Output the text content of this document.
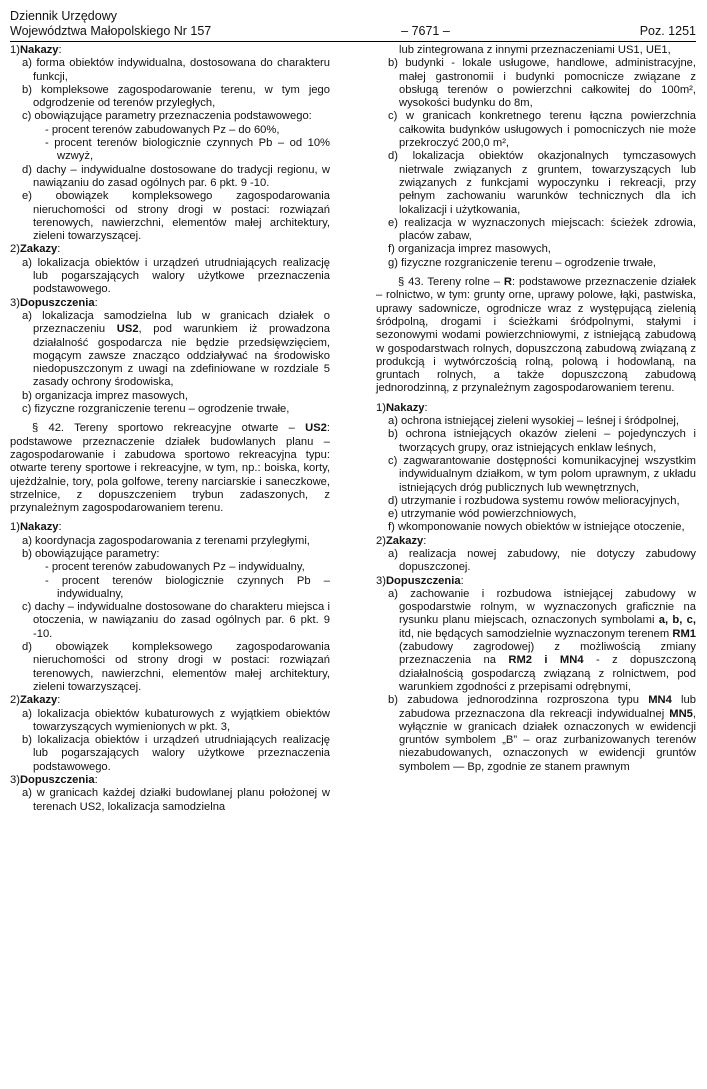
Dziennik Urzędowy
Województwa Małopolskiego Nr 157	– 7671 –	Poz. 1251

1)Nakazy:

a) forma obiektów indywidualna, dostosowana do charakteru funkcji,

b) kompleksowe zagospodarowanie terenu, w tym jego odgrodzenie od terenów przyległych,

c) obowiązujące parametry przeznaczenia podstawowego:

- procent terenów zabudowanych Pz – do 60%,

- procent terenów biologicznie czynnych Pb – od 10% wzwyż,

d) dachy – indywidualne dostosowane do tradycji regionu, w nawiązaniu do zasad ogólnych par. 6 pkt. 9 -10.

e) obowiązek kompleksowego zagospodarowania nieruchomości od strony drogi w postaci: rozwiązań terenowych, nawierzchni, elementów małej architektury, zieleni towarzyszącej.

2)Zakazy:

a) lokalizacja obiektów i urządzeń utrudniających realizację lub pogarszających walory użytkowe przeznaczenia podstawowego.

3)Dopuszczenia:

a) lokalizacja samodzielna lub w granicach działek o przeznaczeniu US2, pod warunkiem iż prowadzona działalność gospodarcza nie będzie przedsięwzięciem, mogącym zawsze znacząco oddziaływać na środowisko niedopuszczonym z uwagi na zdefiniowane w rozdziale 5 zasady ochrony środowiska,

b) organizacja imprez masowych,

c) fizyczne rozgraniczenie terenu – ogrodzenie trwałe,

§ 42. Tereny sportowo rekreacyjne otwarte – US2: podstawowe przeznaczenie działek budowlanych planu – zagospodarowanie i zabudowa sportowo rekreacyjna typu: otwarte tereny sportowe i rekreacyjne, w tym, np.: boiska, korty, ujeżdżalnie, tory, pola golfowe, tereny narciarskie i saneczkowe, strzelnice, z dopuszczeniem trybun zadaszonych, z przynależnym zagospodarowaniem terenu.

1)Nakazy:

a) koordynacja zagospodarowania z terenami przyległymi,

b) obowiązujące parametry:

- procent terenów zabudowanych Pz – indywidualny,

- procent terenów biologicznie czynnych Pb – indywidualny,

c) dachy – indywidualne dostosowane do charakteru miejsca i otoczenia, w nawiązaniu do zasad ogólnych par. 6 pkt. 9 -10.

d) obowiązek kompleksowego zagospodarowania nieruchomości od strony drogi w postaci: rozwiązań terenowych, nawierzchni, elementów małej architektury, zieleni towarzyszącej.

2)Zakazy:

a) lokalizacja obiektów kubaturowych z wyjątkiem obiektów towarzyszących wymienionych w pkt. 3,

b) lokalizacja obiektów i urządzeń utrudniających realizację lub pogarszających walory użytkowe przeznaczenia podstawowego.

3)Dopuszczenia:

a) w granicach każdej działki budowlanej planu położonej w terenach US2, lokalizacja samodzielna

lub zintegrowana z innymi przeznaczeniami US1, UE1,

b) budynki - lokale usługowe, handlowe, administracyjne, małej gastronomii i budynki pomocnicze związane z obsługą terenów o powierzchni całkowitej do 100m², wysokości budynku do 8m,

c) w granicach konkretnego terenu łączna powierzchnia całkowita budynków usługowych i pomocniczych nie może przekroczyć 200,0 m²,

d) lokalizacja obiektów okazjonalnych tymczasowych nietrwale związanych z gruntem, towarzyszących lub związanych z funkcjami wypoczynku i rekreacji, przy pełnym zachowaniu warunków technicznych dla ich lokalizacji i użytkowania,

e) realizacja w wyznaczonych miejscach: ścieżek zdrowia, placów zabaw,

f) organizacja imprez masowych,

g) fizyczne rozgraniczenie terenu – ogrodzenie trwałe,

§ 43. Tereny rolne – R: podstawowe przeznaczenie działek – rolnictwo, w tym: grunty orne, uprawy polowe, łąki, pastwiska, uprawy sadownicze, ogrodnicze wraz z występującą zielenią śródpolną, drogami i ścieżkami śródpolnymi, stałymi i sezonowymi wodami powierzchniowymi, z istniejącą zabudową w gospodarstwach rolnych, dopuszczoną zabudową związaną z produkcją i wytwórczością rolną, polową i hodowlaną, na gruntach rolnych, a także dopuszczoną zabudową jednorodzinną, z przynależnym zagospodarowaniem terenu.

1)Nakazy:

a) ochrona istniejącej zieleni wysokiej – leśnej i śródpolnej,

b) ochrona istniejących okazów zieleni – pojedynczych i tworzących grupy, oraz istniejących enklaw leśnych,

c) zagwarantowanie dostępności komunikacyjnej wszystkim indywidualnym działkom, w tym polom uprawnym, z układu istniejących dróg publicznych lub wewnętrznych,

d) utrzymanie i rozbudowa systemu rowów melioracyjnych,

e) utrzymanie wód powierzchniowych,

f) wkomponowanie nowych obiektów w istniejące otoczenie,

2)Zakazy:

a) realizacja nowej zabudowy, nie dotyczy zabudowy dopuszczonej.

3)Dopuszczenia:

a) zachowanie i rozbudowa istniejącej zabudowy w gospodarstwie rolnym, w wyznaczonych graficznie na rysunku planu miejscach, oznaczonych symbolami a, b, c, itd, nie będących samodzielnie wyznaczonym terenem RM1 (zabudowy zagrodowej) z możliwością zmiany przeznaczenia na RM2 i MN4 - z dopuszczoną działalnością gospodarczą związaną z rolnictwem, pod warunkiem zgodności z przepisami odrębnymi,

b) zabudowa jednorodzinna rozproszona typu MN4 lub zabudowa przeznaczona dla rekreacji indywidualnej MN5, wyłącznie w granicach działek oznaczonych w ewidencji gruntów symbolem „B” – oraz zurbanizowanych terenów niezabudowanych, oznaczonych w ewidencji gruntów symbolem — Bp, zgodnie ze stanem prawnym
